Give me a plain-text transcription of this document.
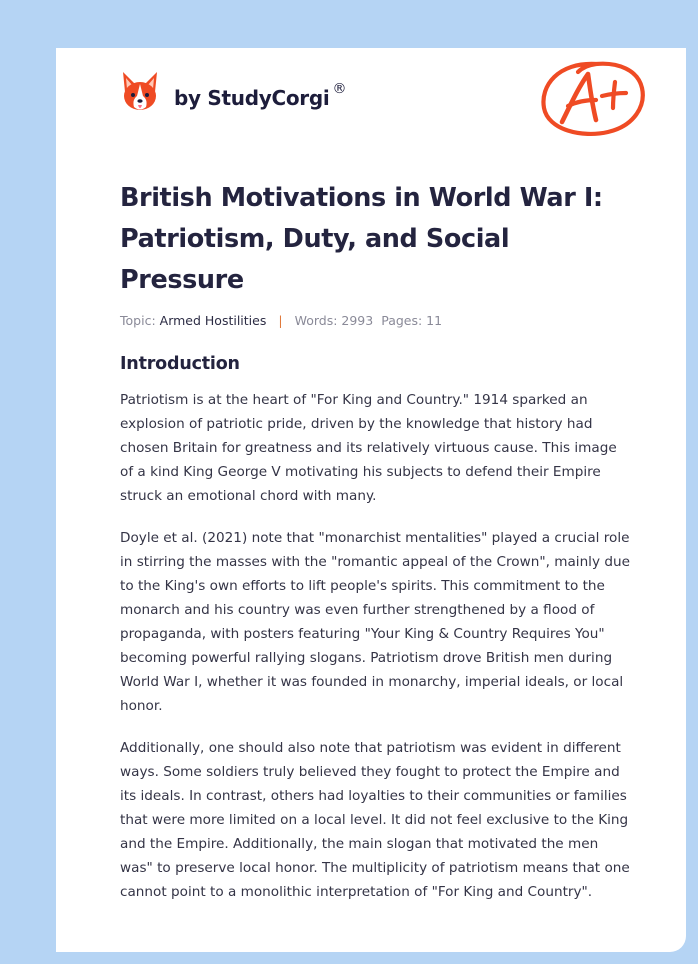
by StudyCorgi ®
British Motivations in World War I: Patriotism, Duty, and Social Pressure
Topic: Armed Hostilities | Words: 2993 Pages: 11
Introduction

Patriotism is at the heart of "For King and Country." 1914 sparked an explosion of patriotic pride, driven by the knowledge that history had chosen Britain for greatness and its relatively virtuous cause. This image of a kind King George V motivating his subjects to defend their Empire struck an emotional chord with many.

Doyle et al. (2021) note that "monarchist mentalities" played a crucial role in stirring the masses with the "romantic appeal of the Crown", mainly due to the King's own efforts to lift people's spirits. This commitment to the monarch and his country was even further strengthened by a flood of propaganda, with posters featuring "Your King & Country Requires You" becoming powerful rallying slogans. Patriotism drove British men during World War I, whether it was founded in monarchy, imperial ideals, or local honor.

Additionally, one should also note that patriotism was evident in different ways. Some soldiers truly believed they fought to protect the Empire and its ideals. In contrast, others had loyalties to their communities or families that were more limited on a local level. It did not feel exclusive to the King and the Empire. Additionally, the main slogan that motivated the men was" to preserve local honor. The multiplicity of patriotism means that one cannot point to a monolithic interpretation of "For King and Country".
